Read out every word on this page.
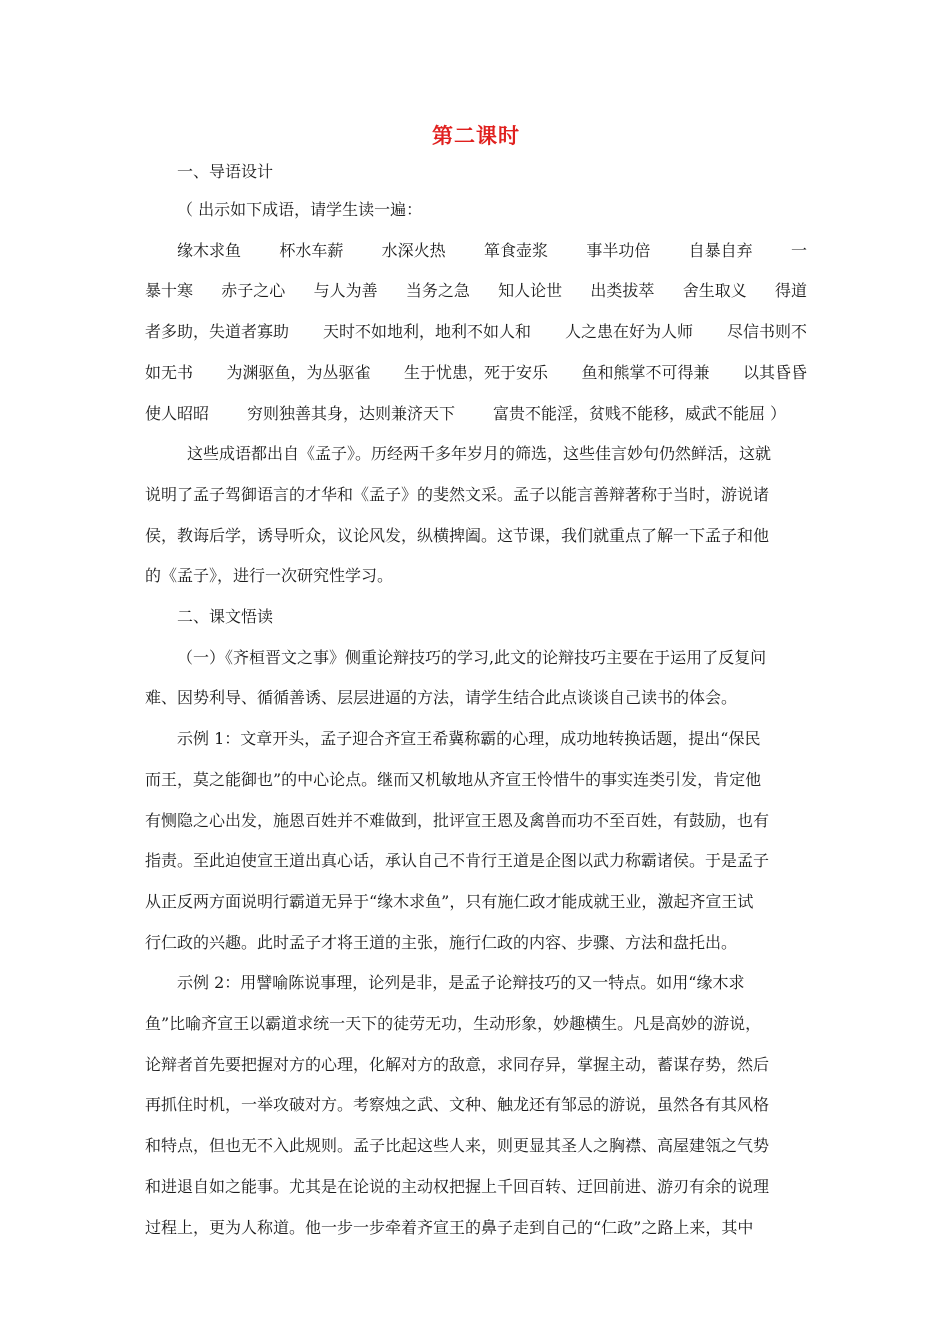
第二课时

一、导语设计

（ 出示如下成语，请学生读一遍：

缘木求鱼 杯水车薪 水深火热 箪食壶浆 事半功倍 自暴自弃 一
暴十寒 赤子之心 与人为善 当务之急 知人论世 出类拔萃 舍生取义 得道
者多助，失道者寡助 天时不如地利，地利不如人和 人之患在好为人师 尽信书则不
如无书 为渊驱鱼，为丛驱雀 生于忧患，死于安乐 鱼和熊掌不可得兼 以其昏昏
使人昭昭 穷则独善其身，达则兼济天下 富贵不能淫，贫贱不能移，威武不能屈 ）

这些成语都出自《孟子》。历经两千多年岁月的筛选，这些佳言妙句仍然鲜活，这就

说明了孟子驾御语言的才华和《孟子》的斐然文采。孟子以能言善辩著称于当时，游说诸

侯，教诲后学，诱导听众，议论风发，纵横捭阖。这节课，我们就重点了解一下孟子和他

的《孟子》，进行一次研究性学习。

二、课文悟读

（一）《齐桓晋文之事》侧重论辩技巧的学习,此文的论辩技巧主要在于运用了反复问

难、因势利导、循循善诱、层层进逼的方法，请学生结合此点谈谈自己读书的体会。

示例 1：文章开头，孟子迎合齐宣王希冀称霸的心理，成功地转换话题，提出“保民

而王，莫之能御也”的中心论点。继而又机敏地从齐宣王怜惜牛的事实连类引发，肯定他

有恻隐之心出发，施恩百姓并不难做到，批评宣王恩及禽兽而功不至百姓，有鼓励，也有

指责。至此迫使宣王道出真心话，承认自己不肯行王道是企图以武力称霸诸侯。于是孟子

从正反两方面说明行霸道无异于“缘木求鱼”，只有施仁政才能成就王业，激起齐宣王试

行仁政的兴趣。此时孟子才将王道的主张，施行仁政的内容、步骤、方法和盘托出。

示例 2：用譬喻陈说事理，论列是非，是孟子论辩技巧的又一特点。如用“缘木求

鱼”比喻齐宣王以霸道求统一天下的徒劳无功，生动形象，妙趣横生。凡是高妙的游说，

论辩者首先要把握对方的心理，化解对方的敌意，求同存异，掌握主动，蓄谋存势，然后

再抓住时机，一举攻破对方。考察烛之武、文种、触龙还有邹忌的游说，虽然各有其风格

和特点，但也无不入此规则。孟子比起这些人来，则更显其圣人之胸襟、高屋建瓴之气势

和进退自如之能事。尤其是在论说的主动权把握上千回百转、迂回前进、游刃有余的说理

过程上，更为人称道。他一步一步牵着齐宣王的鼻子走到自己的“仁政”之路上来，其中
